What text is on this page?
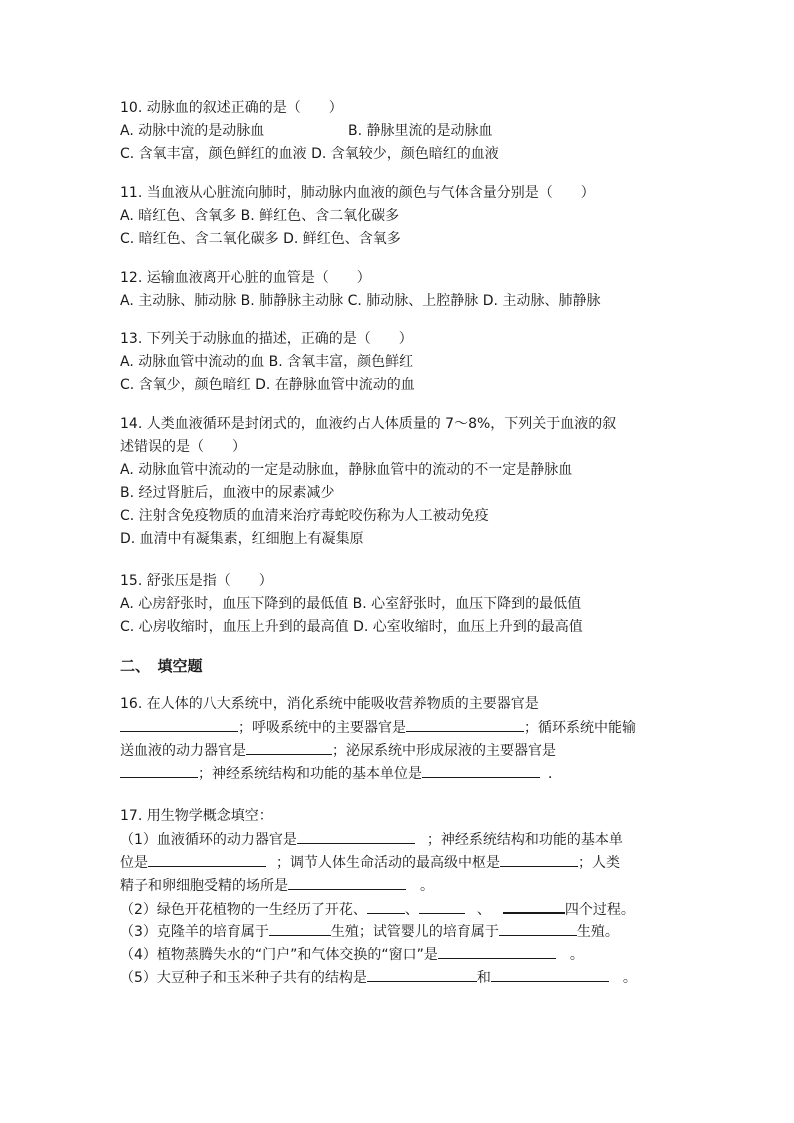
10. 动脉血的叙述正确的是（　　）
A. 动脉中流的是动脉血	B. 静脉里流的是动脉血
C. 含氧丰富，颜色鲜红的血液 D. 含氧较少，颜色暗红的血液
11. 当血液从心脏流向肺时，肺动脉内血液的颜色与气体含量分别是（　　）
A. 暗红色、含氧多 B. 鲜红色、含二氧化碳多
C. 暗红色、含二氧化碳多 D. 鲜红色、含氧多
12. 运输血液离开心脏的血管是（　　）
A. 主动脉、肺动脉 B. 肺静脉主动脉 C. 肺动脉、上腔静脉 D. 主动脉、肺静脉
13. 下列关于动脉血的描述，正确的是（　　）
A. 动脉血管中流动的血 B. 含氧丰富，颜色鲜红
C. 含氧少，颜色暗红 D. 在静脉血管中流动的血
14. 人类血液循环是封闭式的，血液约占人体质量的 7～8%，下列关于血液的叙
述错误的是（　　）
A. 动脉血管中流动的一定是动脉血，静脉血管中的流动的不一定是静脉血
B. 经过肾脏后，血液中的尿素减少
C. 注射含免疫物质的血清来治疗毒蛇咬伤称为人工被动免疫
D. 血清中有凝集素，红细胞上有凝集原
15. 舒张压是指（　　）
A. 心房舒张时，血压下降到的最低值 B. 心室舒张时，血压下降到的最低值
C. 心房收缩时，血压上升到的最高值 D. 心室收缩时，血压上升到的最高值
二、　填空题
16. 在人体的八大系统中，消化系统中能吸收营养物质的主要器官是
；呼吸系统中的主要器官是	；循环系统中能输
送血液的动力器官是	；泌尿系统中形成尿液的主要器官是
；神经系统结构和功能的基本单位是	．
17. 用生物学概念填空：
（1）血液循环的动力器官是	；神经系统结构和功能的基本单
位是	；调节人体生命活动的最高级中枢是	；人类
精子和卵细胞受精的场所是	。
（2）绿色开花植物的一生经历了开花、	、	、	四个过程。
（3）克隆羊的培育属于	生殖；试管婴儿的培育属于	生殖。
（4）植物蒸腾失水的“门户”和气体交换的“窗口”是	。
（5）大豆种子和玉米种子共有的结构是	和	。
